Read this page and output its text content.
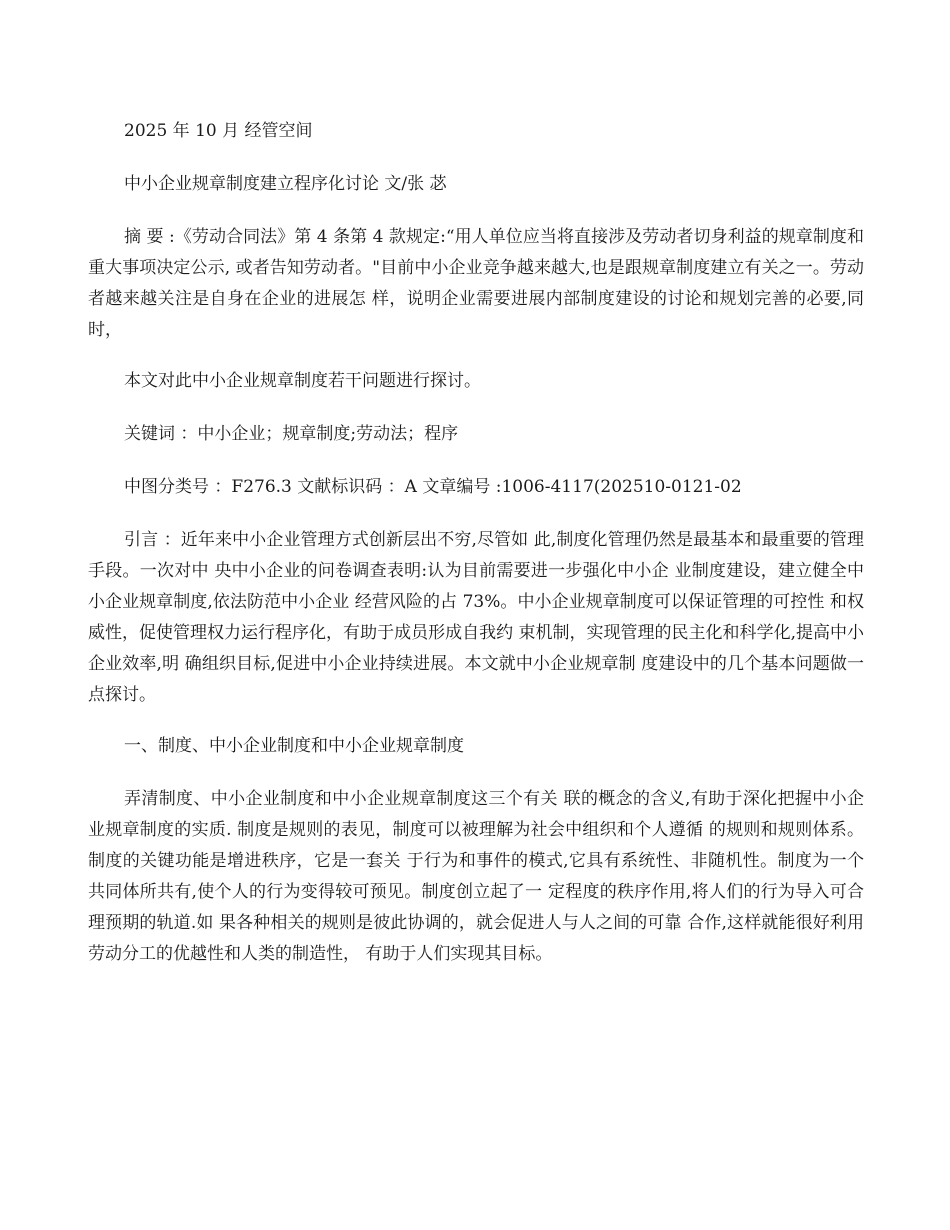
2025 年 10 月 经管空间

中小企业规章制度建立程序化讨论 文/张 苾

摘 要 :《劳动合同法》第 4 条第 4 款规定:“用人单位应当将直接涉及劳动者切身利益的规章制度和重大事项决定公示, 或者告知劳动者。"目前中小企业竞争越来越大,也是跟规章制度建立有关之一。劳动者越来越关注是自身在企业的进展怎 样，说明企业需要进展内部制度建设的讨论和规划完善的必要,同时，

本文对此中小企业规章制度若干问题进行探讨。

关键词 ：中小企业；规章制度;劳动法；程序

中图分类号 ：F276.3 文献标识码 ：A 文章编号 :1006-4117(202510-0121-02

引言 ：近年来中小企业管理方式创新层出不穷,尽管如 此,制度化管理仍然是最基本和最重要的管理手段。一次对中 央中小企业的问卷调查表明:认为目前需要进一步强化中小企 业制度建设，建立健全中小企业规章制度,依法防范中小企业 经营风险的占 73%。中小企业规章制度可以保证管理的可控性 和权威性，促使管理权力运行程序化，有助于成员形成自我约 束机制，实现管理的民主化和科学化,提高中小企业效率,明 确组织目标,促进中小企业持续进展。本文就中小企业规章制 度建设中的几个基本问题做一点探讨。

一、制度、中小企业制度和中小企业规章制度

弄清制度、中小企业制度和中小企业规章制度这三个有关 联的概念的含义,有助于深化把握中小企业规章制度的实质. 制度是规则的表见，制度可以被理解为社会中组织和个人遵循 的规则和规则体系。制度的关键功能是增进秩序，它是一套关 于行为和事件的模式,它具有系统性、非随机性。制度为一个 共同体所共有,使个人的行为变得较可预见。制度创立起了一 定程度的秩序作用,将人们的行为导入可合理预期的轨道.如 果各种相关的规则是彼此协调的，就会促进人与人之间的可靠 合作,这样就能很好利用劳动分工的优越性和人类的制造性， 有助于人们实现其目标。
